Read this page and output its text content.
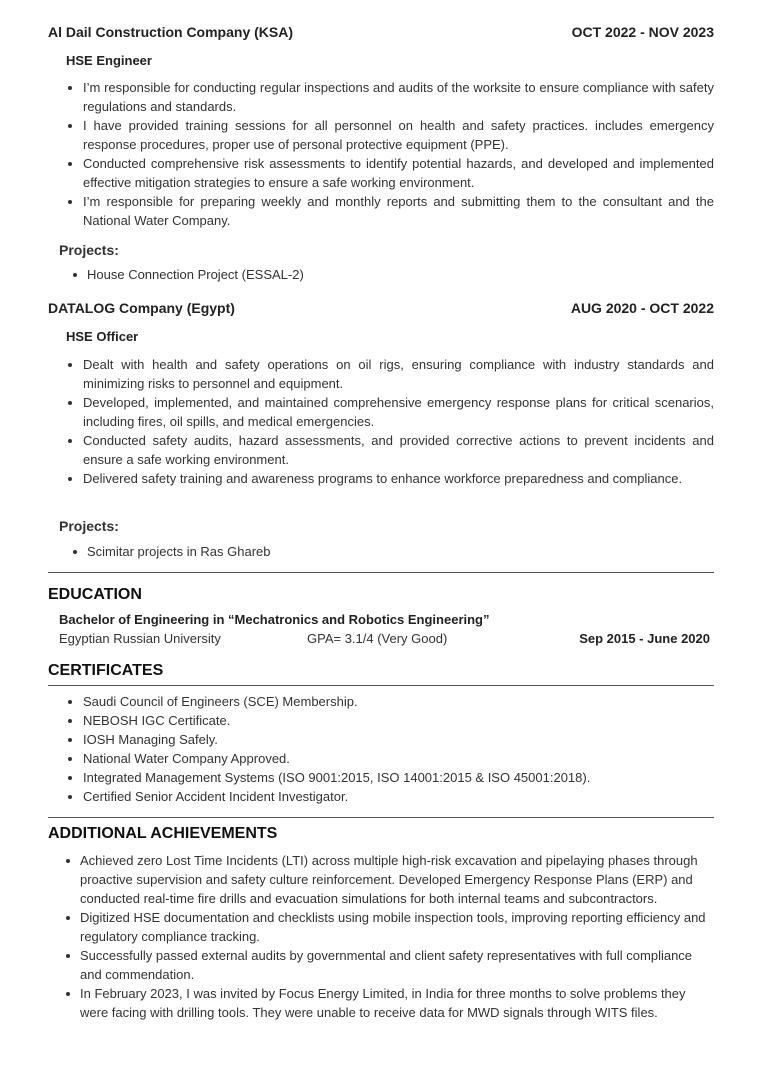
Al Dail Construction Company (KSA)	OCT 2022 - NOV 2023
HSE Engineer
I’m responsible for conducting regular inspections and audits of the worksite to ensure compliance with safety regulations and standards.
I have provided training sessions for all personnel on health and safety practices. includes emergency response procedures, proper use of personal protective equipment (PPE).
Conducted comprehensive risk assessments to identify potential hazards, and developed and implemented effective mitigation strategies to ensure a safe working environment.
I’m responsible for preparing weekly and monthly reports and submitting them to the consultant and the National Water Company.
Projects:
House Connection Project (ESSAL-2)
DATALOG Company (Egypt)	AUG 2020 - OCT 2022
HSE Officer
Dealt with health and safety operations on oil rigs, ensuring compliance with industry standards and minimizing risks to personnel and equipment.
Developed, implemented, and maintained comprehensive emergency response plans for critical scenarios, including fires, oil spills, and medical emergencies.
Conducted safety audits, hazard assessments, and provided corrective actions to prevent incidents and ensure a safe working environment.
Delivered safety training and awareness programs to enhance workforce preparedness and compliance.
Projects:
Scimitar projects in Ras Ghareb
EDUCATION
Bachelor of Engineering in “Mechatronics and Robotics Engineering”
Egyptian Russian University	GPA= 3.1/4 (Very Good)	Sep 2015 - June 2020
CERTIFICATES
Saudi Council of Engineers (SCE) Membership.
NEBOSH IGC Certificate.
IOSH Managing Safely.
National Water Company Approved.
Integrated Management Systems (ISO 9001:2015, ISO 14001:2015 & ISO 45001:2018).
Certified Senior Accident Incident Investigator.
ADDITIONAL ACHIEVEMENTS
Achieved zero Lost Time Incidents (LTI) across multiple high-risk excavation and pipelaying phases through proactive supervision and safety culture reinforcement. Developed Emergency Response Plans (ERP) and conducted real-time fire drills and evacuation simulations for both internal teams and subcontractors.
Digitized HSE documentation and checklists using mobile inspection tools, improving reporting efficiency and regulatory compliance tracking.
Successfully passed external audits by governmental and client safety representatives with full compliance and commendation.
In February 2023, I was invited by Focus Energy Limited, in India for three months to solve problems they were facing with drilling tools. They were unable to receive data for MWD signals through WITS files.
